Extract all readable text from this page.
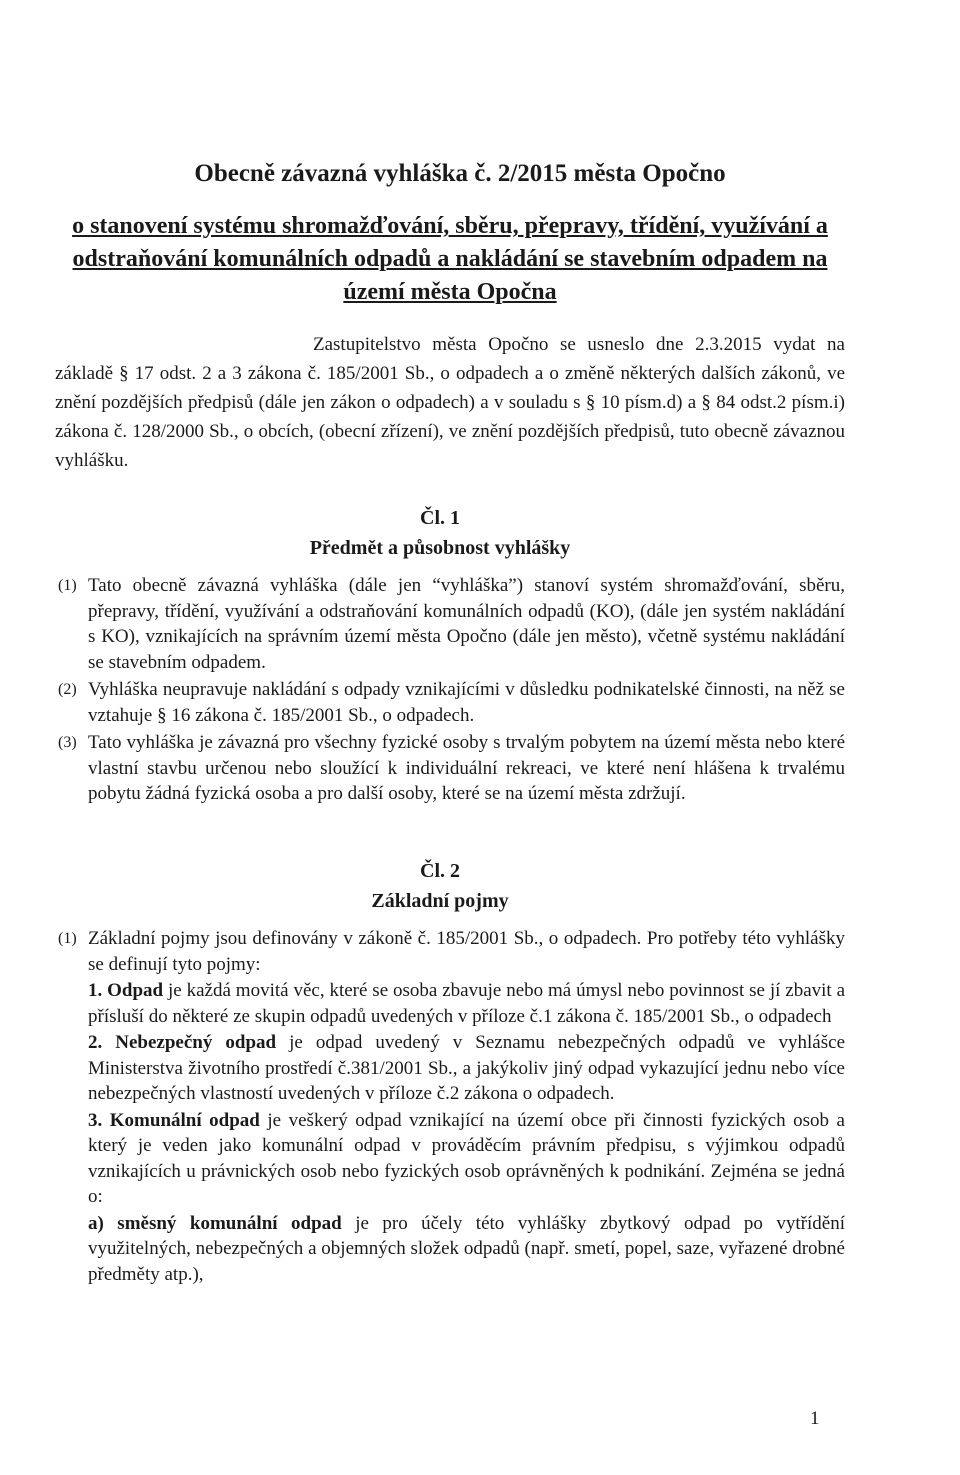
Obecně závazná vyhláška č. 2/2015 města Opočno
o stanovení systému shromažďování, sběru, přepravy, třídění, využívání a odstraňování komunálních odpadů a nakládání se stavebním odpadem na území města Opočna
Zastupitelstvo města Opočno se usneslo dne 2.3.2015 vydat na základě § 17 odst. 2 a 3 zákona č. 185/2001 Sb., o odpadech a o změně některých dalších zákonů, ve znění pozdějších předpisů (dále jen zákon o odpadech) a v souladu s § 10 písm.d) a § 84 odst.2 písm.i) zákona č. 128/2000 Sb., o obcích, (obecní zřízení), ve znění pozdějších předpisů, tuto obecně závaznou vyhlášku.
Čl. 1
Předmět a působnost vyhlášky
(1) Tato obecně závazná vyhláška (dále jen “vyhláška”) stanoví systém shromažďování, sběru, přepravy, třídění, využívání a odstraňování komunálních odpadů (KO), (dále jen systém nakládání s KO), vznikajících na správním území města Opočno (dále jen město), včetně systému nakládání se stavebním odpadem.
(2) Vyhláška neupravuje nakládání s odpady vznikajícími v důsledku podnikatelské činnosti, na něž se vztahuje § 16 zákona č. 185/2001 Sb., o odpadech.
(3) Tato vyhláška je závazná pro všechny fyzické osoby s trvalým pobytem na území města nebo které vlastní stavbu určenou nebo sloužící k individuální rekreaci, ve které není hlášena k trvalému pobytu žádná fyzická osoba a pro další osoby, které se na území města zdržují.
Čl. 2
Základní pojmy
(1) Základní pojmy jsou definovány v zákoně č. 185/2001 Sb., o odpadech. Pro potřeby této vyhlášky se definují tyto pojmy:
1. Odpad je každá movitá věc, které se osoba zbavuje nebo má úmysl nebo povinnost se jí zbavit a přísluší do některé ze skupin odpadů uvedených v příloze č.1 zákona č. 185/2001 Sb., o odpadech
2. Nebezpečný odpad je odpad uvedený v Seznamu nebezpečných odpadů ve vyhlášce Ministerstva životního prostředí č.381/2001 Sb., a jakýkoliv jiný odpad vykazující jednu nebo více nebezpečných vlastností uvedených v příloze č.2 zákona o odpadech.
3. Komunální odpad je veškerý odpad vznikající na území obce při činnosti fyzických osob a který je veden jako komunální odpad v prováděcím právním předpisu, s výjimkou odpadů vznikajících u právnických osob nebo fyzických osob oprávněných k podnikání. Zejména se jedná o:
a) směsný komunální odpad je pro účely této vyhlášky zbytkový odpad po vytřídění využitelných, nebezpečných a objemných složek odpadů (např. smetí, popel, saze, vyřazené drobné předměty atp.),
1
